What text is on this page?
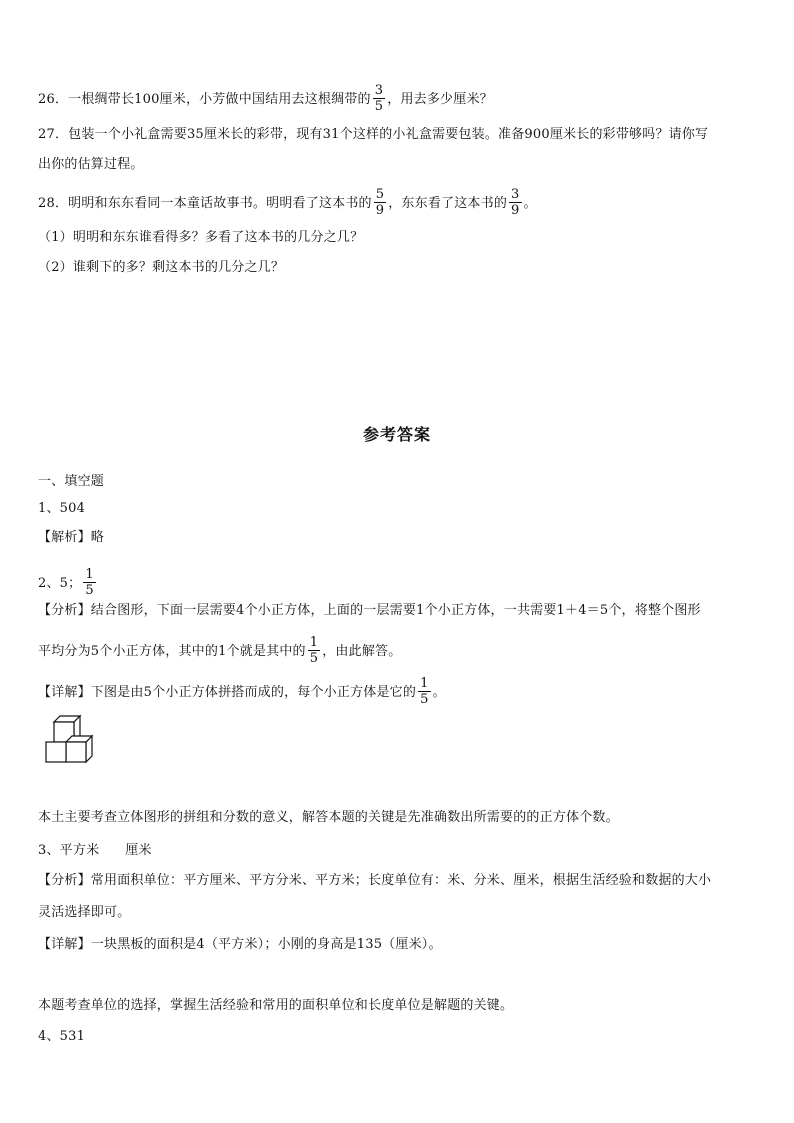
26．一根绸带长100厘米，小芳做中国结用去这根绸带的 $\frac{3}{5}$ ，用去多少厘米？
27．包装一个小礼盒需要35厘米长的彩带，现有31个这样的小礼盒需要包装。准备900厘米长的彩带够吗？请你写
出你的估算过程。
28．明明和东东看同一本童话故事书。明明看了这本书的 $\frac{5}{9}$ ，东东看了这本书的 $\frac{3}{9}$ 。
（1）明明和东东谁看得多？多看了这本书的几分之几？
（2）谁剩下的多？剩这本书的几分之几？
参考答案
一、填空题
1、504
【解析】略
2、5； $\frac{1}{5}$
【分析】结合图形，下面一层需要4个小正方体，上面的一层需要1个小正方体，一共需要1＋4＝5个，将整个图形
平均分为5个小正方体，其中的1个就是其中的 $\frac{1}{5}$ ，由此解答。
【详解】下图是由5个小正方体拼搭而成的，每个小正方体是它的 $\frac{1}{5}$ 。
本土主要考查立体图形的拼组和分数的意义，解答本题的关键是先准确数出所需要的的正方体个数。
3、平方米      厘米
【分析】常用面积单位：平方厘米、平方分米、平方米；长度单位有：米、分米、厘米，根据生活经验和数据的大小
灵活选择即可。
【详解】一块黑板的面积是4（平方米）；小刚的身高是135（厘米）。
本题考查单位的选择，掌握生活经验和常用的面积单位和长度单位是解题的关键。
4、531
